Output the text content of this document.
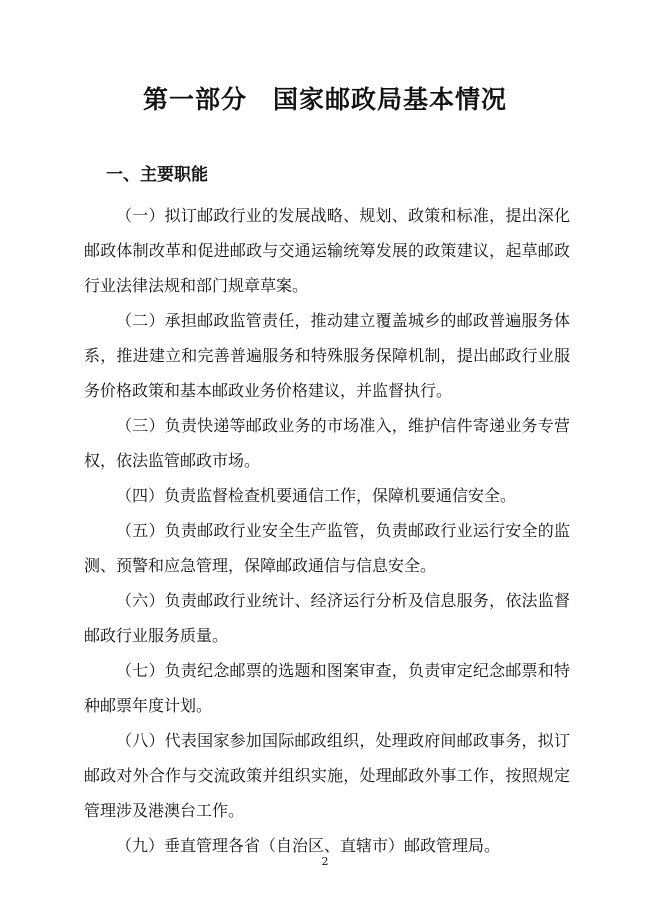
第一部分　国家邮政局基本情况
一、主要职能

（一）拟订邮政行业的发展战略、规划、政策和标准，提出深化邮政体制改革和促进邮政与交通运输统筹发展的政策建议，起草邮政行业法律法规和部门规章草案。

（二）承担邮政监管责任，推动建立覆盖城乡的邮政普遍服务体系，推进建立和完善普遍服务和特殊服务保障机制，提出邮政行业服务价格政策和基本邮政业务价格建议，并监督执行。

（三）负责快递等邮政业务的市场准入，维护信件寄递业务专营权，依法监管邮政市场。

（四）负责监督检查机要通信工作，保障机要通信安全。

（五）负责邮政行业安全生产监管，负责邮政行业运行安全的监测、预警和应急管理，保障邮政通信与信息安全。

（六）负责邮政行业统计、经济运行分析及信息服务，依法监督邮政行业服务质量。

（七）负责纪念邮票的选题和图案审查，负责审定纪念邮票和特种邮票年度计划。

（八）代表国家参加国际邮政组织，处理政府间邮政事务，拟订邮政对外合作与交流政策并组织实施，处理邮政外事工作，按照规定管理涉及港澳台工作。

（九）垂直管理各省（自治区、直辖市）邮政管理局。

2
